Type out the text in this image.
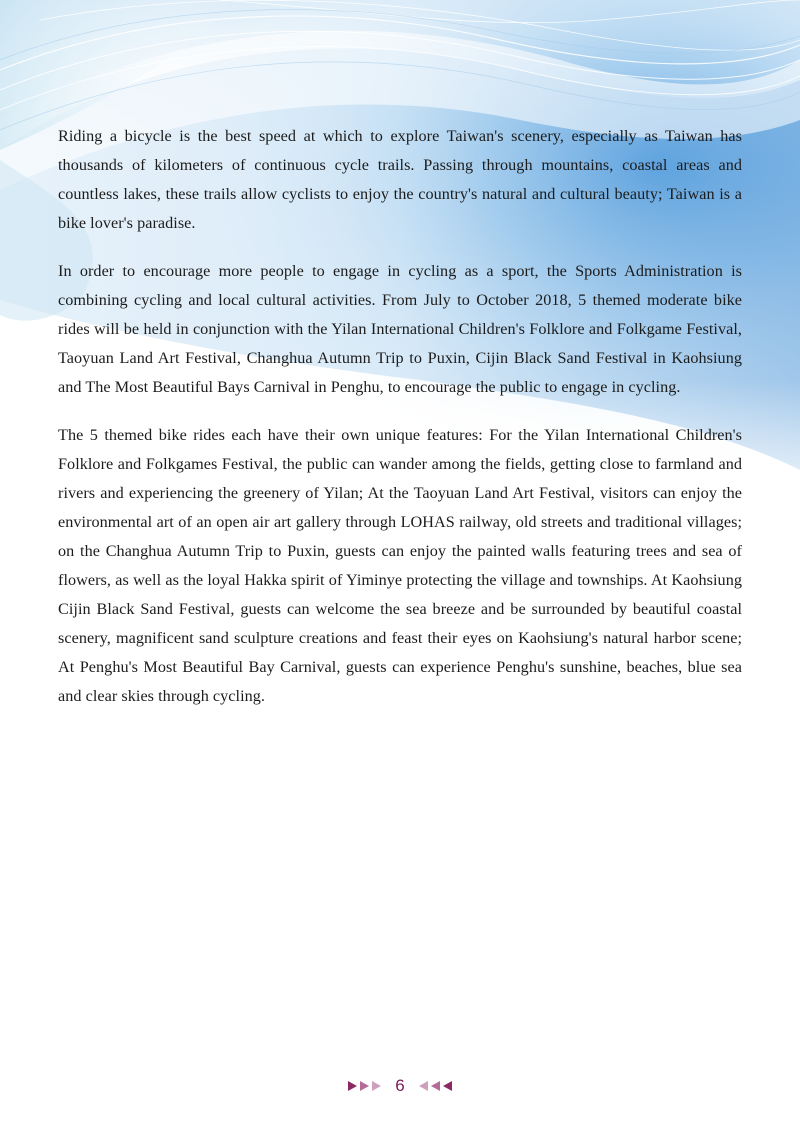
Riding a bicycle is the best speed at which to explore Taiwan's scenery, especially as Taiwan has thousands of kilometers of continuous cycle trails. Passing through mountains, coastal areas and countless lakes, these trails allow cyclists to enjoy the country's natural and cultural beauty; Taiwan is a bike lover's paradise.

In order to encourage more people to engage in cycling as a sport, the Sports Administration is combining cycling and local cultural activities. From July to October 2018, 5 themed moderate bike rides will be held in conjunction with the Yilan International Children's Folklore and Folkgame Festival, Taoyuan Land Art Festival, Changhua Autumn Trip to Puxin, Cijin Black Sand Festival in Kaohsiung and The Most Beautiful Bays Carnival in Penghu, to encourage the public to engage in cycling.

The 5 themed bike rides each have their own unique features: For the Yilan International Children's Folklore and Folkgames Festival, the public can wander among the fields, getting close to farmland and rivers and experiencing the greenery of Yilan; At the Taoyuan Land Art Festival, visitors can enjoy the environmental art of an open air art gallery through LOHAS railway, old streets and traditional villages; on the Changhua Autumn Trip to Puxin, guests can enjoy the painted walls featuring trees and sea of flowers, as well as the loyal Hakka spirit of Yiminye protecting the village and townships. At Kaohsiung Cijin Black Sand Festival, guests can welcome the sea breeze and be surrounded by beautiful coastal scenery, magnificent sand sculpture creations and feast their eyes on Kaohsiung's natural harbor scene; At Penghu's Most Beautiful Bay Carnival, guests can experience Penghu's sunshine, beaches, blue sea and clear skies through cycling.

6
